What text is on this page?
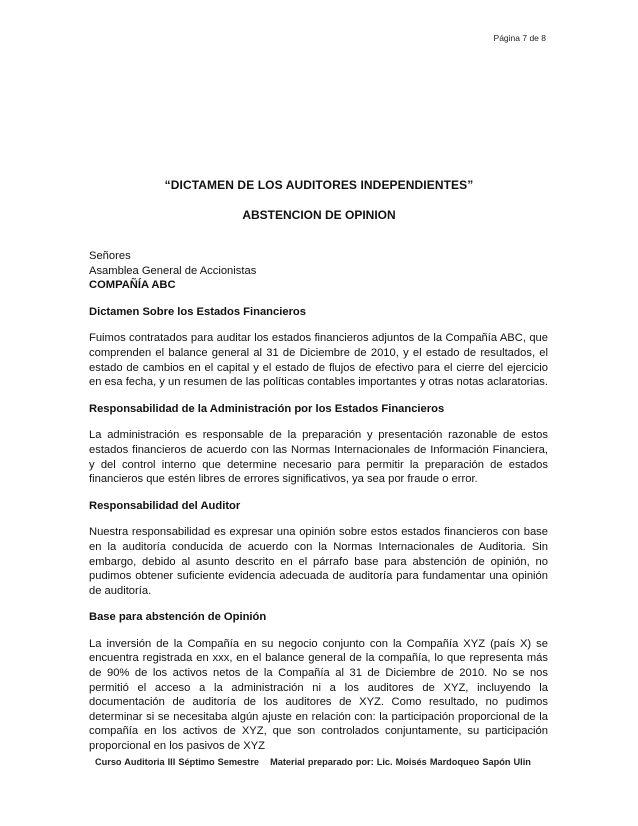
Página 7 de 8
“DICTAMEN DE LOS AUDITORES INDEPENDIENTES”
ABSTENCION DE OPINION
Señores
Asamblea General de Accionistas
COMPAÑÍA ABC
Dictamen Sobre los Estados Financieros

Fuimos contratados para auditar los estados financieros adjuntos de la Compañía ABC, que comprenden el balance general al 31 de Diciembre de 2010, y el estado de resultados, el estado de cambios en el capital y el estado de flujos de efectivo para el cierre del ejercicio en esa fecha, y un resumen de las políticas contables importantes y otras notas aclaratorias.

Responsabilidad de la Administración por los Estados Financieros

La administración es responsable de la preparación y presentación razonable de estos estados financieros de acuerdo con las Normas Internacionales de Información Financiera, y del control interno que determine necesario para permitir la preparación de estados financieros que estén libres de errores significativos, ya sea por fraude o error.

Responsabilidad del Auditor

Nuestra responsabilidad es expresar una opinión sobre estos estados financieros con base en la auditoría conducida de acuerdo con la Normas Internacionales de Auditoria. Sin embargo, debido al asunto descrito en el párrafo base para abstención de opinión, no pudimos obtener suficiente evidencia adecuada de auditoría para fundamentar una opinión de auditoría.

Base para abstención de Opinión

La inversión de la Compañía en su negocio conjunto con la Compañía XYZ (país X) se encuentra registrada en xxx, en el balance general de la compañía, lo que representa más de 90% de los activos netos de la Compañía al 31 de Diciembre de 2010. No se nos permitió el acceso a la administración ni a los auditores de XYZ, incluyendo la documentación de auditoría de los auditores de XYZ. Como resultado, no pudimos determinar si se necesitaba algún ajuste en relación con: la participación proporcional de la compañía en los activos de XYZ, que son controlados conjuntamente, su participación proporcional en los pasivos de XYZ

Curso Auditoria III Séptimo Semestre Material preparado por: Lic. Moisés Mardoqueo Sapón Ulin
